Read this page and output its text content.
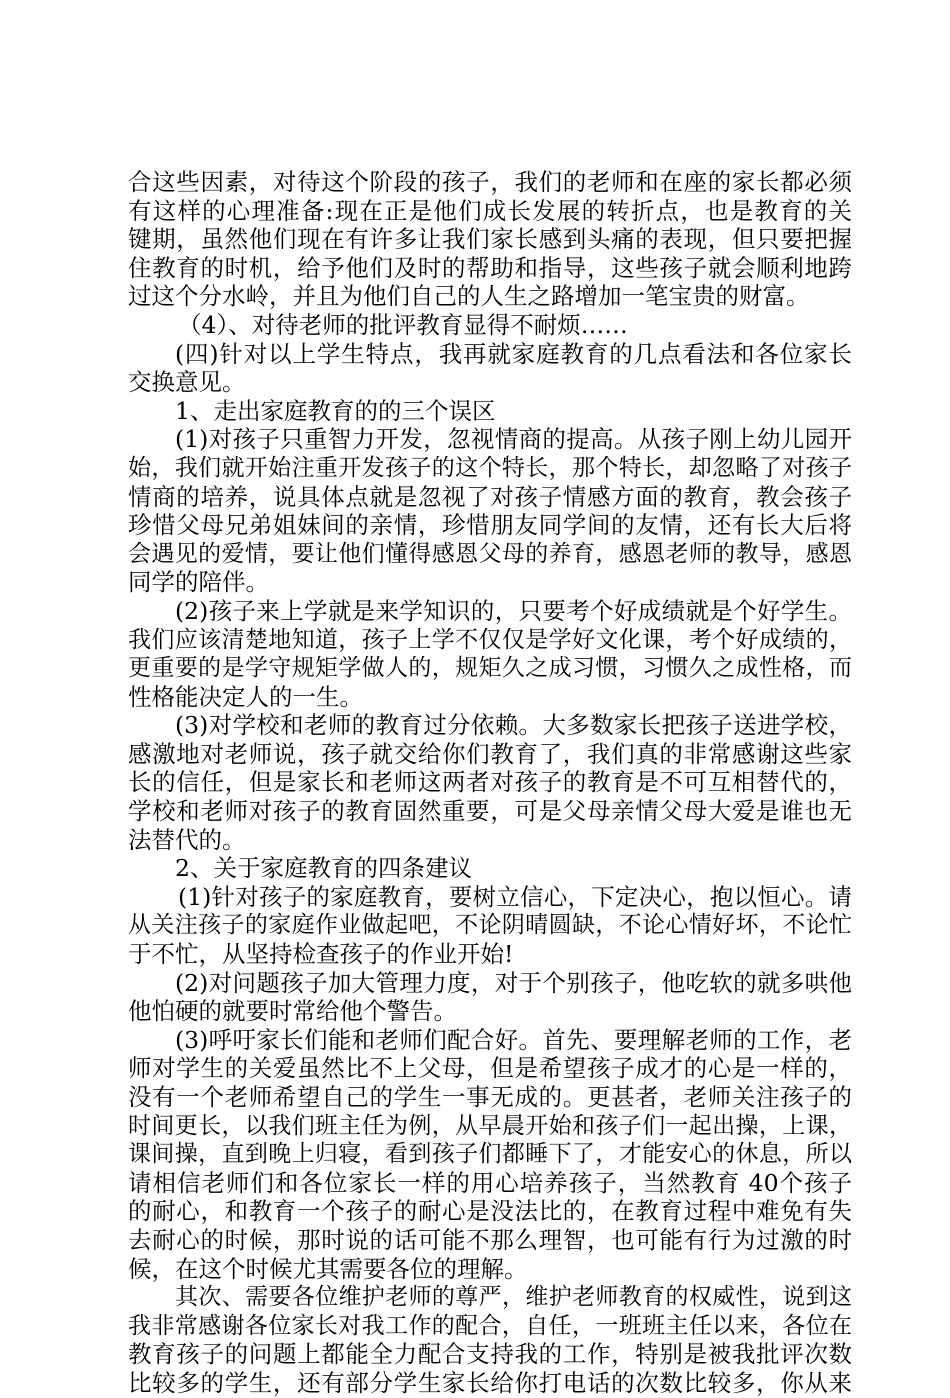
合这些因素，对待这个阶段的孩子，我们的老师和在座的家长都必须
有这样的心理准备:现在正是他们成长发展的转折点，也是教育的关
键期，虽然他们现在有许多让我们家长感到头痛的表现，但只要把握
住教育的时机，给予他们及时的帮助和指导，这些孩子就会顺利地跨
过这个分水岭，并且为他们自己的人生之路增加一笔宝贵的财富。
（4）、对待老师的批评教育显得不耐烦……
(四)针对以上学生特点，我再就家庭教育的几点看法和各位家长
交换意见。
1、走出家庭教育的的三个误区
(1)对孩子只重智力开发，忽视情商的提高。从孩子刚上幼儿园开
始，我们就开始注重开发孩子的这个特长，那个特长，却忽略了对孩子
情商的培养，说具体点就是忽视了对孩子情感方面的教育，教会孩子
珍惜父母兄弟姐妹间的亲情，珍惜朋友同学间的友情，还有长大后将
会遇见的爱情，要让他们懂得感恩父母的养育，感恩老师的教导，感恩
同学的陪伴。
(2)孩子来上学就是来学知识的，只要考个好成绩就是个好学生。
我们应该清楚地知道，孩子上学不仅仅是学好文化课，考个好成绩的，
更重要的是学守规矩学做人的，规矩久之成习惯，习惯久之成性格，而
性格能决定人的一生。
(3)对学校和老师的教育过分依赖。大多数家长把孩子送进学校，
感激地对老师说，孩子就交给你们教育了，我们真的非常感谢这些家
长的信任，但是家长和老师这两者对孩子的教育是不可互相替代的，
学校和老师对孩子的教育固然重要，可是父母亲情父母大爱是谁也无
法替代的。
2、关于家庭教育的四条建议
(1)针对孩子的家庭教育，要树立信心，下定决心，抱以恒心。请
从关注孩子的家庭作业做起吧，不论阴晴圆缺，不论心情好坏，不论忙
于不忙，从坚持检查孩子的作业开始!
(2)对问题孩子加大管理力度，对于个别孩子，他吃软的就多哄他
他怕硬的就要时常给他个警告。
(3)呼吁家长们能和老师们配合好。首先、要理解老师的工作，老
师对学生的关爱虽然比不上父母，但是希望孩子成才的心是一样的，
没有一个老师希望自己的学生一事无成的。更甚者，老师关注孩子的
时间更长，以我们班主任为例，从早晨开始和孩子们一起出操，上课，
课间操，直到晚上归寝，看到孩子们都睡下了，才能安心的休息，所以
请相信老师们和各位家长一样的用心培养孩子，当然教育 40个孩子
的耐心，和教育一个孩子的耐心是没法比的，在教育过程中难免有失
去耐心的时候，那时说的话可能不那么理智，也可能有行为过激的时
候，在这个时候尤其需要各位的理解。
其次、需要各位维护老师的尊严，维护老师教育的权威性，说到这
我非常感谢各位家长对我工作的配合，自任，一班班主任以来，各位在
教育孩子的问题上都能全力配合支持我的工作，特别是被我批评次数
比较多的学生，还有部分学生家长给你打电话的次数比较多，你从来
